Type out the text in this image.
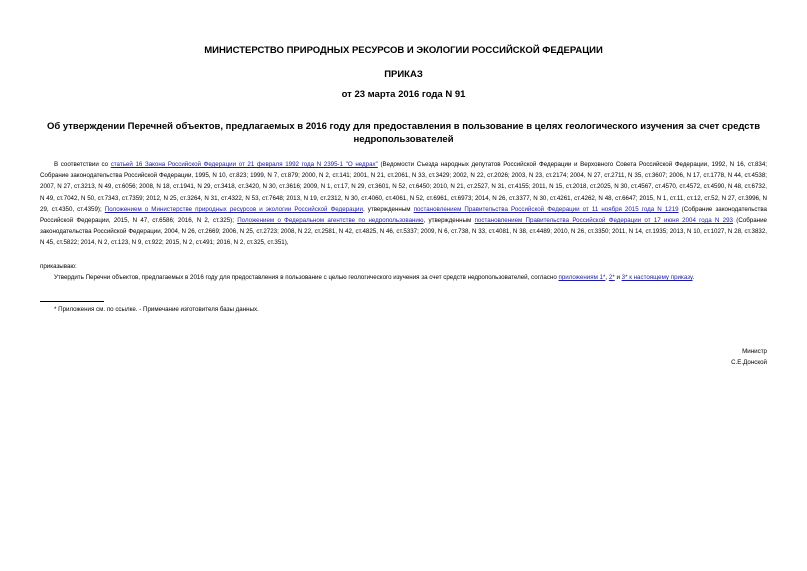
МИНИСТЕРСТВО ПРИРОДНЫХ РЕСУРСОВ И ЭКОЛОГИИ РОССИЙСКОЙ ФЕДЕРАЦИИ
ПРИКАЗ
от 23 марта 2016 года N 91
Об утверждении Перечней объектов, предлагаемых в 2016 году для предоставления в пользование в целях геологического изучения за счет средств недропользователей
В соответствии со статьей 16 Закона Российской Федерации от 21 февраля 1992 года N 2395-1 "О недрах" (Ведомости Съезда народных депутатов Российской Федерации и Верховного Совета Российской Федерации, 1992, N 16, ст.834; Собрание законодательства Российской Федерации, 1995, N 10, ст.823; 1999, N 7, ст.879; 2000, N 2, ст.141; 2001, N 21, ст.2061, N 33, ст.3429; 2002, N 22, ст.2026; 2003, N 23, ст.2174; 2004, N 27, ст.2711, N 35, ст.3607; 2006, N 17, ст.1778, N 44, ст.4538; 2007, N 27, ст.3213, N 49, ст.6056; 2008, N 18, ст.1941, N 29, ст.3418, ст.3420, N 30, ст.3616; 2009, N 1, ст.17, N 29, ст.3601, N 52, ст.6450; 2010, N 21, ст.2527, N 31, ст.4155; 2011, N 15, ст.2018, ст.2025, N 30, ст.4567, ст.4570, ст.4572, ст.4590, N 48, ст.6732, N 49, ст.7042, N 50, ст.7343, ст.7359; 2012, N 25, ст.3264, N 31, ст.4322, N 53, ст.7648; 2013, N 19, ст.2312, N 30, ст.4060, ст.4061, N 52, ст.6961, ст.6973; 2014, N 26, ст.3377, N 30, ст.4261, ст.4262, N 48, ст.6647; 2015, N 1, ст.11, ст.12, ст.52, N 27, ст.3996, N 29, ст.4350, ст.4359); Положением о Министерстве природных ресурсов и экологии Российской Федерации, утвержденным постановлением Правительства Российской Федерации от 11 ноября 2015 года N 1219 (Собрание законодательства Российской Федерации, 2015, N 47, ст.6586; 2016, N 2, ст.325); Положением о Федеральном агентстве по недропользованию, утвержденным постановлением Правительства Российской Федерации от 17 июня 2004 года N 293 (Собрание законодательства Российской Федерации, 2004, N 26, ст.2669; 2006, N 25, ст.2723; 2008, N 22, ст.2581, N 42, ст.4825, N 46, ст.5337; 2009, N 6, ст.738, N 33, ст.4081, N 38, ст.4489; 2010, N 26, ст.3350; 2011, N 14, ст.1935; 2013, N 10, ст.1027, N 28, ст.3832, N 45, ст.5822; 2014, N 2, ст.123, N 9, ст.922; 2015, N 2, ст.491; 2016, N 2, ст.325, ст.351),
приказываю:
Утвердить Перечни объектов, предлагаемых в 2016 году для предоставления в пользование с целью геологического изучения за счет средств недропользователей, согласно приложениям 1*, 2* и 3* к настоящему приказу.
* Приложения см. по ссылке. - Примечание изготовителя базы данных.
Министр
С.Е.Донской
